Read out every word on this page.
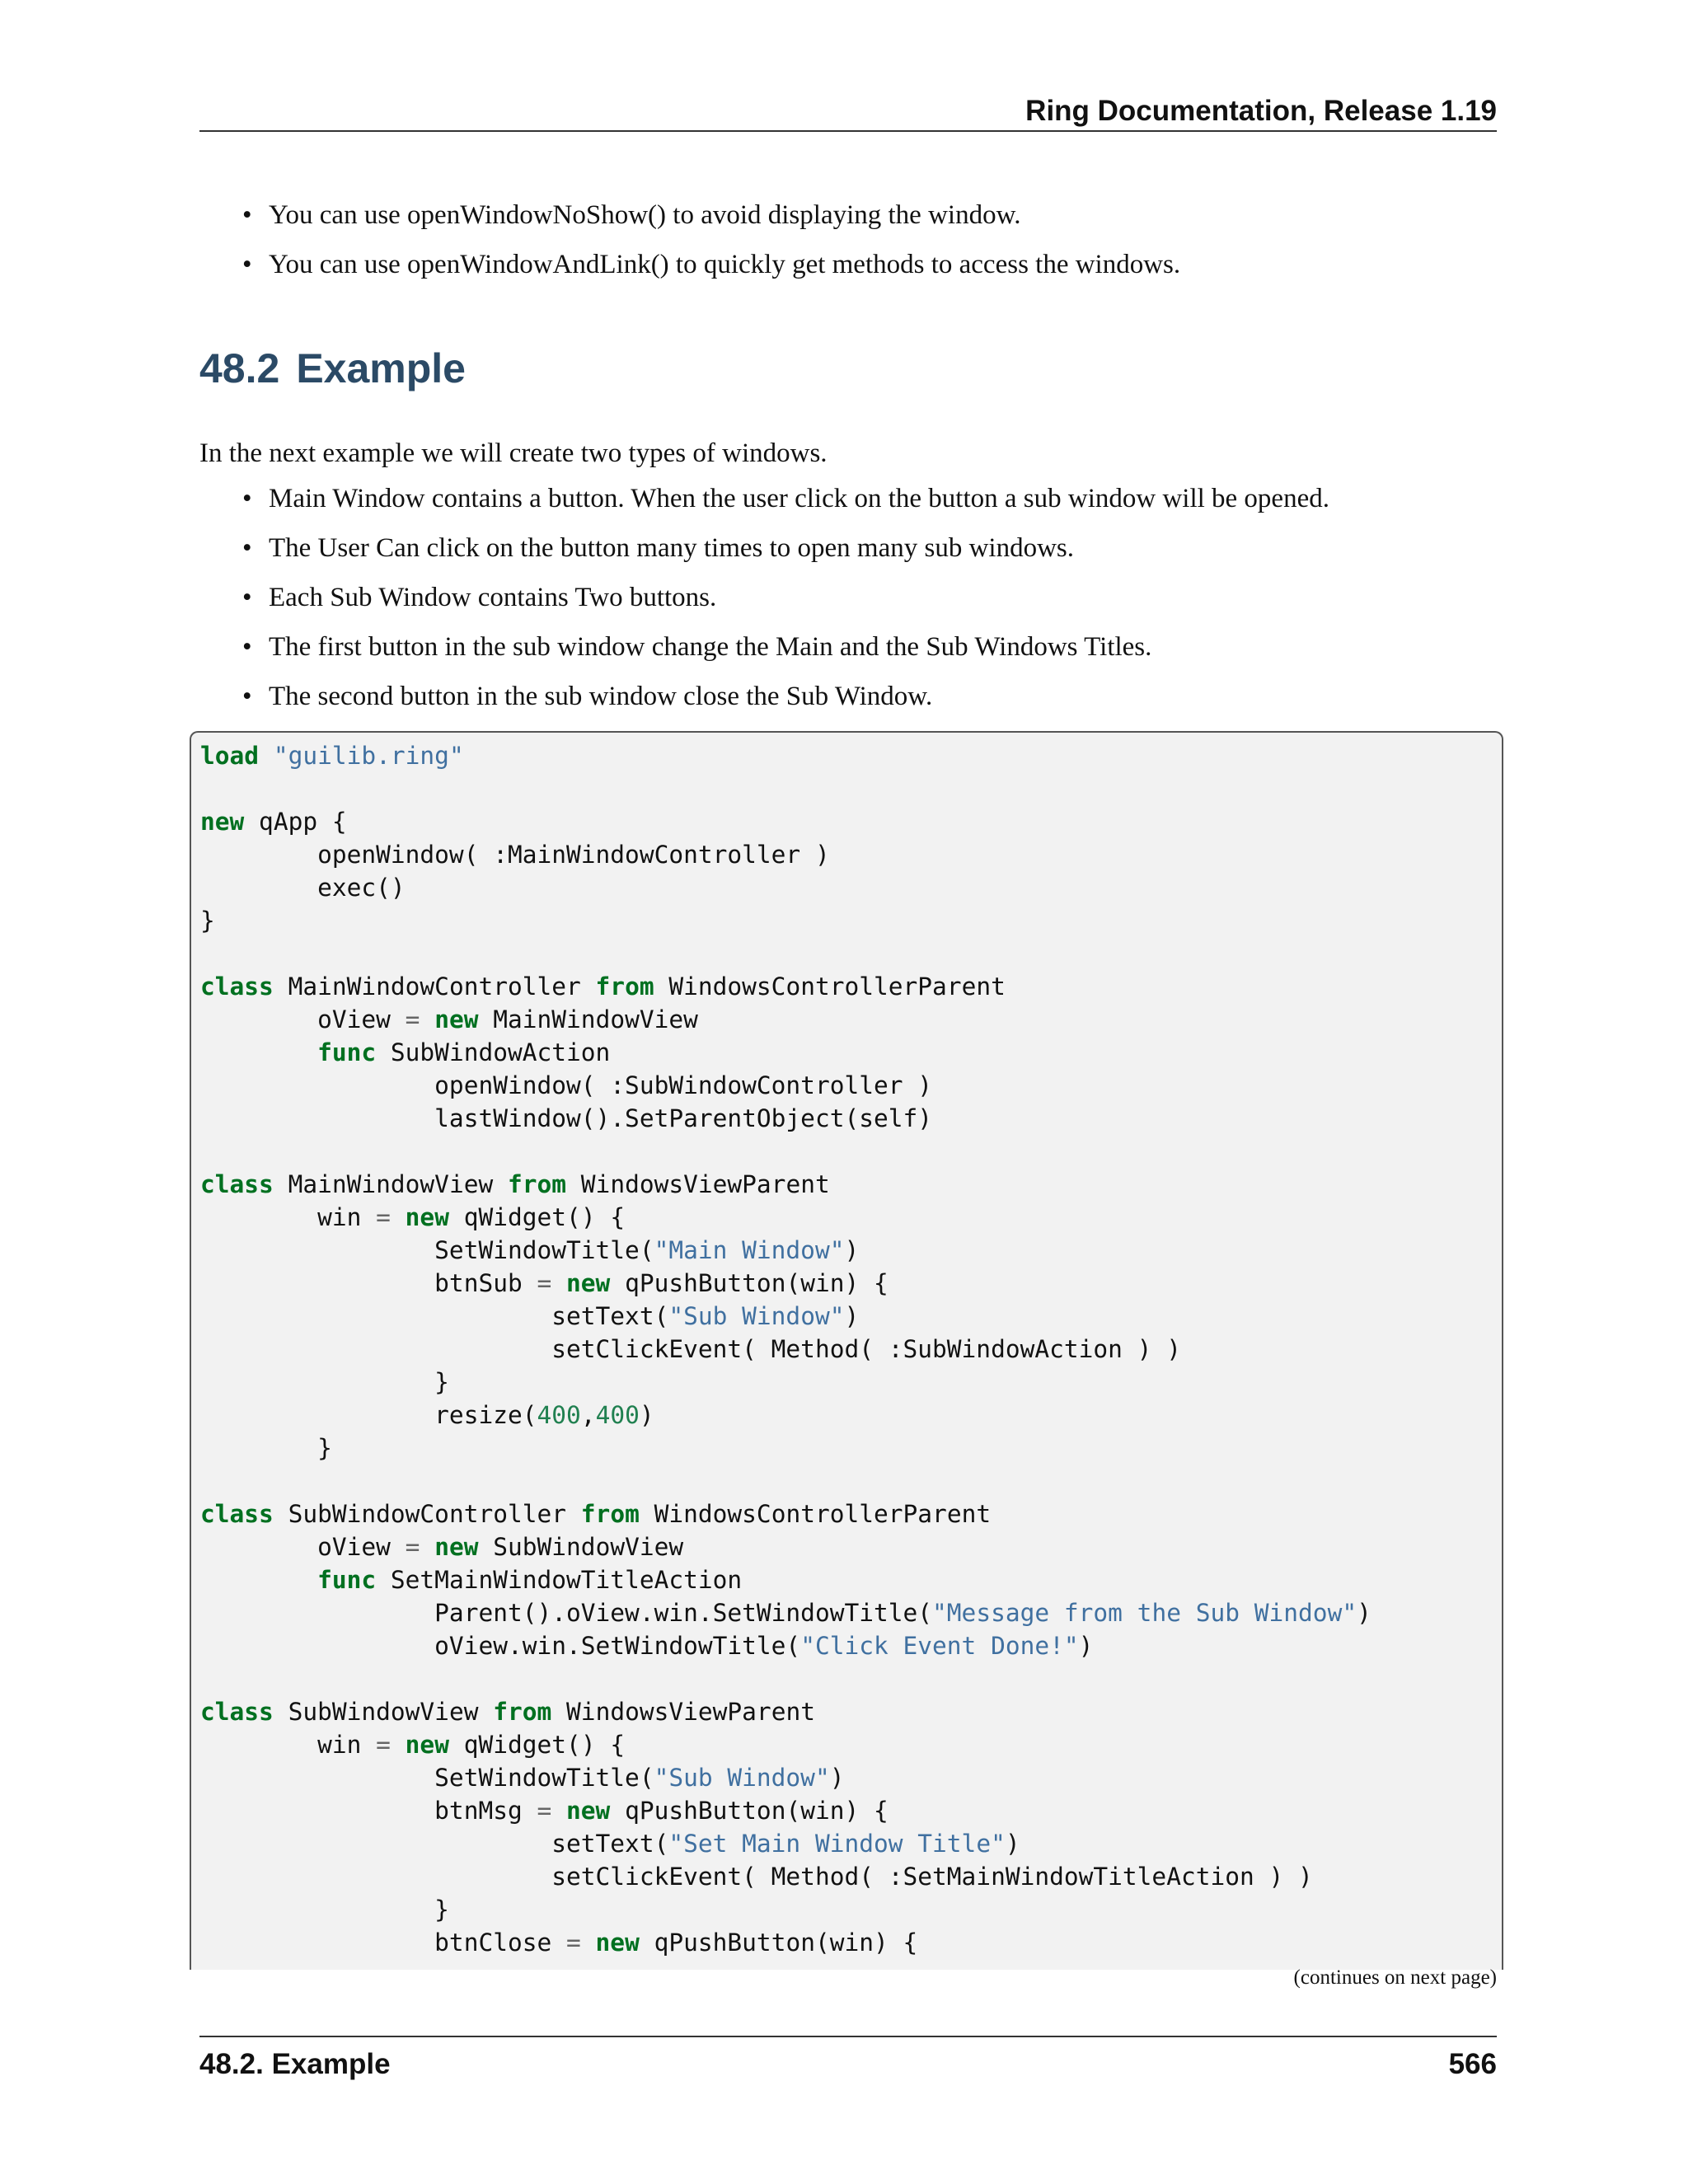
Ring Documentation, Release 1.19
• You can use openWindowNoShow() to avoid displaying the window.
• You can use openWindowAndLink() to quickly get methods to access the windows.
48.2 Example

In the next example we will create two types of windows.

• Main Window contains a button. When the user click on the button a sub window will be opened.
• The User Can click on the button many times to open many sub windows.
• Each Sub Window contains Two buttons.
• The first button in the sub window change the Main and the Sub Windows Titles.
• The second button in the sub window close the Sub Window.
load "guilib.ring"

new qApp {
openWindow( :MainWindowController )
exec()
}

class MainWindowController from WindowsControllerParent
oView = new MainWindowView
func SubWindowAction
openWindow( :SubWindowController )
lastWindow().SetParentObject(self)

class MainWindowView from WindowsViewParent
win = new qWidget() {
SetWindowTitle("Main Window")
btnSub = new qPushButton(win) {
setText("Sub Window")
setClickEvent( Method( :SubWindowAction ) )
}
resize(400,400)
}

class SubWindowController from WindowsControllerParent
oView = new SubWindowView
func SetMainWindowTitleAction
Parent().oView.win.SetWindowTitle("Message from the Sub Window")
oView.win.SetWindowTitle("Click Event Done!")

class SubWindowView from WindowsViewParent
win = new qWidget() {
SetWindowTitle("Sub Window")
btnMsg = new qPushButton(win) {
setText("Set Main Window Title")
setClickEvent( Method( :SetMainWindowTitleAction ) )
}
btnClose = new qPushButton(win) {
(continues on next page)
48.2. Example	566
